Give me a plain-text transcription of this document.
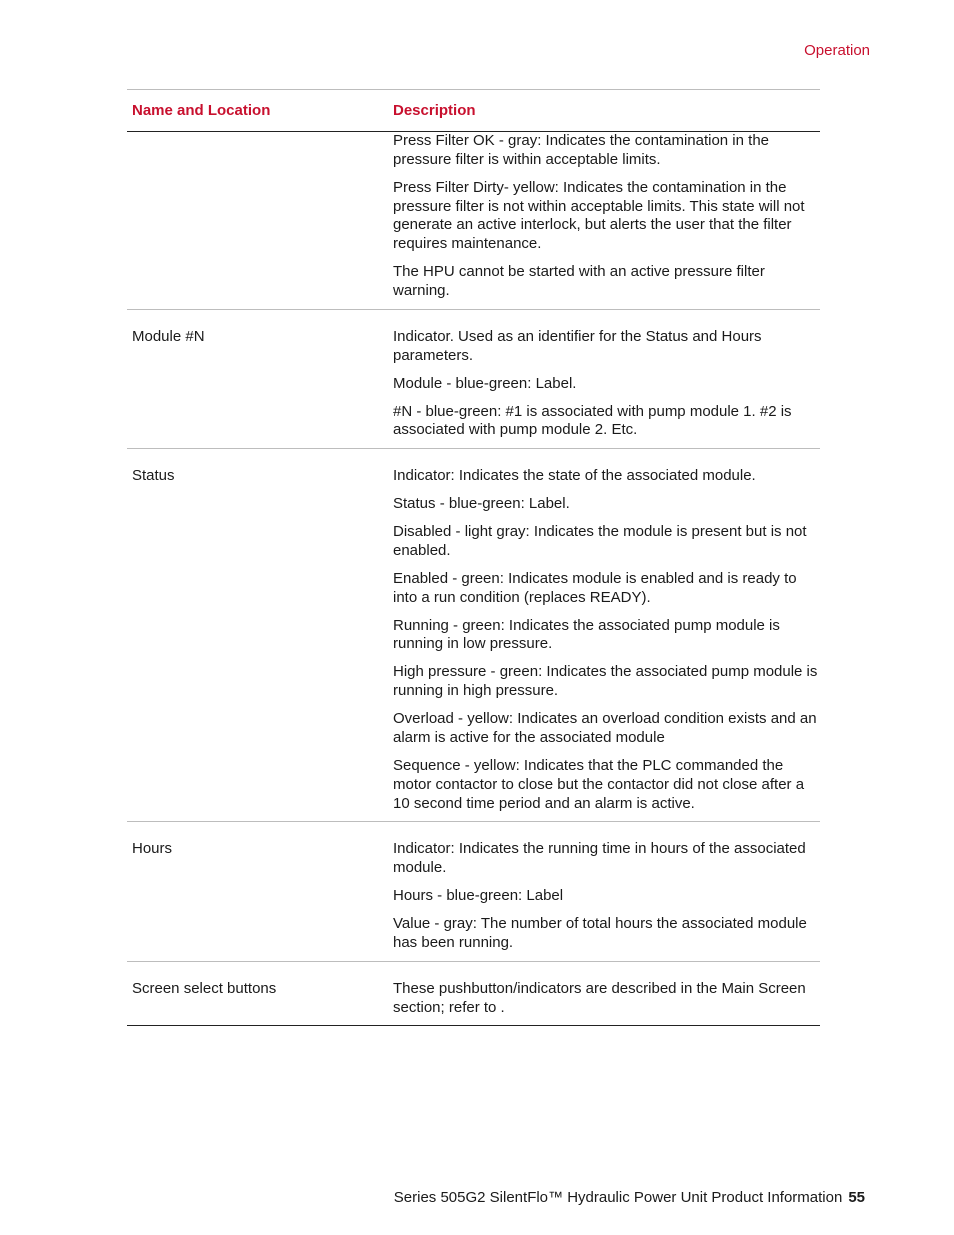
Operation
Name and Location	Description

Press Filter OK - gray: Indicates the contamination in the pressure filter is within acceptable limits.

Press Filter Dirty- yellow: Indicates the contamination in the pressure filter is not within acceptable limits. This state will not generate an active interlock, but alerts the user that the filter requires maintenance.

The HPU cannot be started with an active pressure filter warning.

Module #N	Indicator. Used as an identifier for the Status and Hours parameters.

Module - blue-green: Label.

#N - blue-green: #1 is associated with pump module 1. #2 is associated with pump module 2. Etc.

Status	Indicator: Indicates the state of the associated module.

Status - blue-green: Label.

Disabled - light gray: Indicates the module is present but is not enabled.

Enabled - green: Indicates module is enabled and is ready to into a run condition (replaces READY).

Running - green: Indicates the associated pump module is running in low pressure.

High pressure - green: Indicates the associated pump module is running in high pressure.

Overload - yellow: Indicates an overload condition exists and an alarm is active for the associated module

Sequence - yellow: Indicates that the PLC commanded the motor contactor to close but the contactor did not close after a 10 second time period and an alarm is active.

Hours	Indicator: Indicates the running time in hours of the associated module.

Hours - blue-green: Label

Value - gray: The number of total hours the associated module has been running.

Screen select buttons	These pushbutton/indicators are described in the Main Screen section; refer to .

Series 505G2 SilentFlo™ Hydraulic Power Unit Product Information 55
